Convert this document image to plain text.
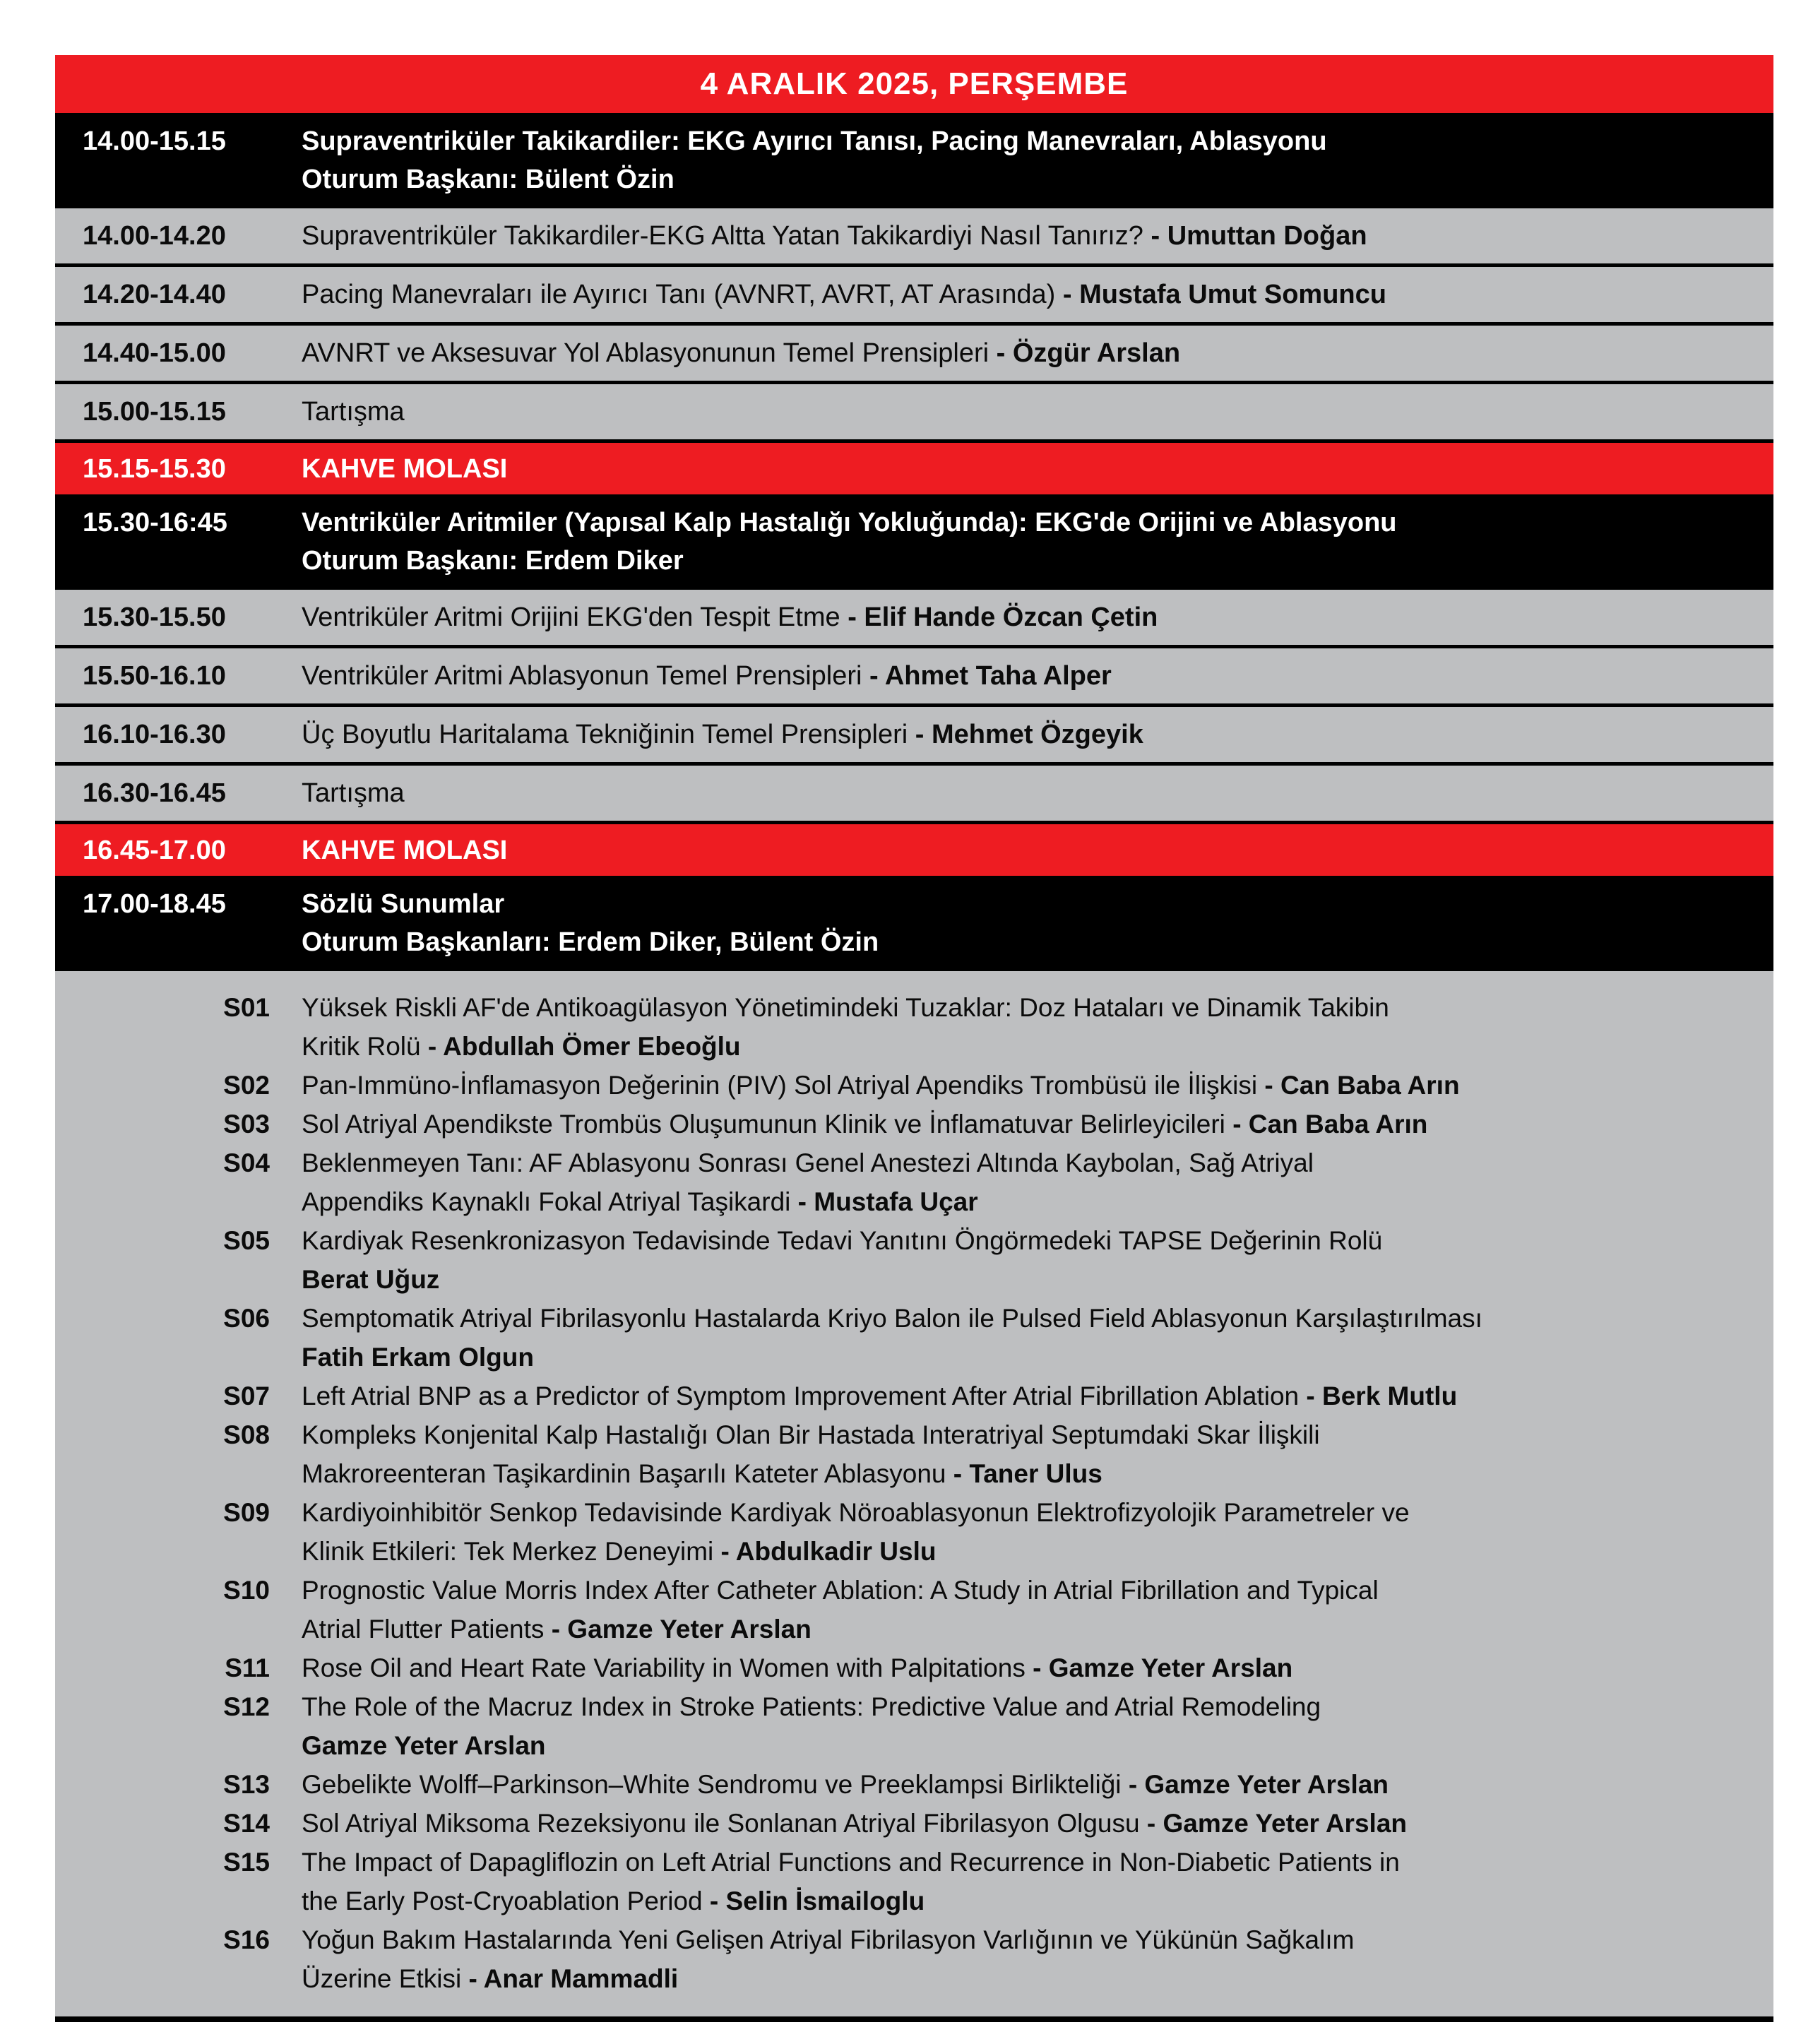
4 ARALIK 2025, PERŞEMBE
14.00-15.15	Supraventriküler Takikardiler: EKG Ayırıcı Tanısı, Pacing Manevraları, Ablasyonu
Oturum Başkanı: Bülent Özin
14.00-14.20	Supraventriküler Takikardiler-EKG Altta Yatan Takikardiyi Nasıl Tanırız? - Umuttan Doğan
14.20-14.40	Pacing Manevraları ile Ayırıcı Tanı (AVNRT, AVRT, AT Arasında) - Mustafa Umut Somuncu
14.40-15.00	AVNRT ve Aksesuvar Yol Ablasyonunun Temel Prensipleri - Özgür Arslan
15.00-15.15	Tartışma
15.15-15.30	KAHVE MOLASI
15.30-16:45	Ventriküler Aritmiler (Yapısal Kalp Hastalığı Yokluğunda): EKG'de Orijini ve Ablasyonu
Oturum Başkanı: Erdem Diker
15.30-15.50	Ventriküler Aritmi Orijini EKG'den Tespit Etme - Elif Hande Özcan Çetin
15.50-16.10	Ventriküler Aritmi Ablasyonun Temel Prensipleri - Ahmet Taha Alper
16.10-16.30	Üç Boyutlu Haritalama Tekniğinin Temel Prensipleri - Mehmet Özgeyik
16.30-16.45	Tartışma
16.45-17.00	KAHVE MOLASI
17.00-18.45	Sözlü Sunumlar
Oturum Başkanları: Erdem Diker, Bülent Özin
S01	Yüksek Riskli AF'de Antikoagülasyon Yönetimindeki Tuzaklar: Doz Hataları ve Dinamik Takibin
Kritik Rolü - Abdullah Ömer Ebeoğlu
S02	Pan-Immüno-İnflamasyon Değerinin (PIV) Sol Atriyal Apendiks Trombüsü ile İlişkisi - Can Baba Arın
S03	Sol Atriyal Apendikste Trombüs Oluşumunun Klinik ve İnflamatuvar Belirleyicileri - Can Baba Arın
S04	Beklenmeyen Tanı: AF Ablasyonu Sonrası Genel Anestezi Altında Kaybolan, Sağ Atriyal
Appendiks Kaynaklı Fokal Atriyal Taşikardi - Mustafa Uçar
S05	Kardiyak Resenkronizasyon Tedavisinde Tedavi Yanıtını Öngörmedeki TAPSE Değerinin Rolü
Berat Uğuz
S06	Semptomatik Atriyal Fibrilasyonlu Hastalarda Kriyo Balon ile Pulsed Field Ablasyonun Karşılaştırılması
Fatih Erkam Olgun
S07	Left Atrial BNP as a Predictor of Symptom Improvement After Atrial Fibrillation Ablation - Berk Mutlu
S08	Kompleks Konjenital Kalp Hastalığı Olan Bir Hastada Interatriyal Septumdaki Skar İlişkili
Makroreenteran Taşikardinin Başarılı Kateter Ablasyonu - Taner Ulus
S09	Kardiyoinhibitör Senkop Tedavisinde Kardiyak Nöroablasyonun Elektrofizyolojik Parametreler ve
Klinik Etkileri: Tek Merkez Deneyimi - Abdulkadir Uslu
S10	Prognostic Value Morris Index After Catheter Ablation: A Study in Atrial Fibrillation and Typical
Atrial Flutter Patients - Gamze Yeter Arslan
S11	Rose Oil and Heart Rate Variability in Women with Palpitations - Gamze Yeter Arslan
S12	The Role of the Macruz Index in Stroke Patients: Predictive Value and Atrial Remodeling
Gamze Yeter Arslan
S13	Gebelikte Wolff–Parkinson–White Sendromu ve Preeklampsi Birlikteliği - Gamze Yeter Arslan
S14	Sol Atriyal Miksoma Rezeksiyonu ile Sonlanan Atriyal Fibrilasyon Olgusu - Gamze Yeter Arslan
S15	The Impact of Dapagliflozin on Left Atrial Functions and Recurrence in Non-Diabetic Patients in
the Early Post-Cryoablation Period - Selin İsmailoglu
S16	Yoğun Bakım Hastalarında Yeni Gelişen Atriyal Fibrilasyon Varlığının ve Yükünün Sağkalım
Üzerine Etkisi - Anar Mammadli
